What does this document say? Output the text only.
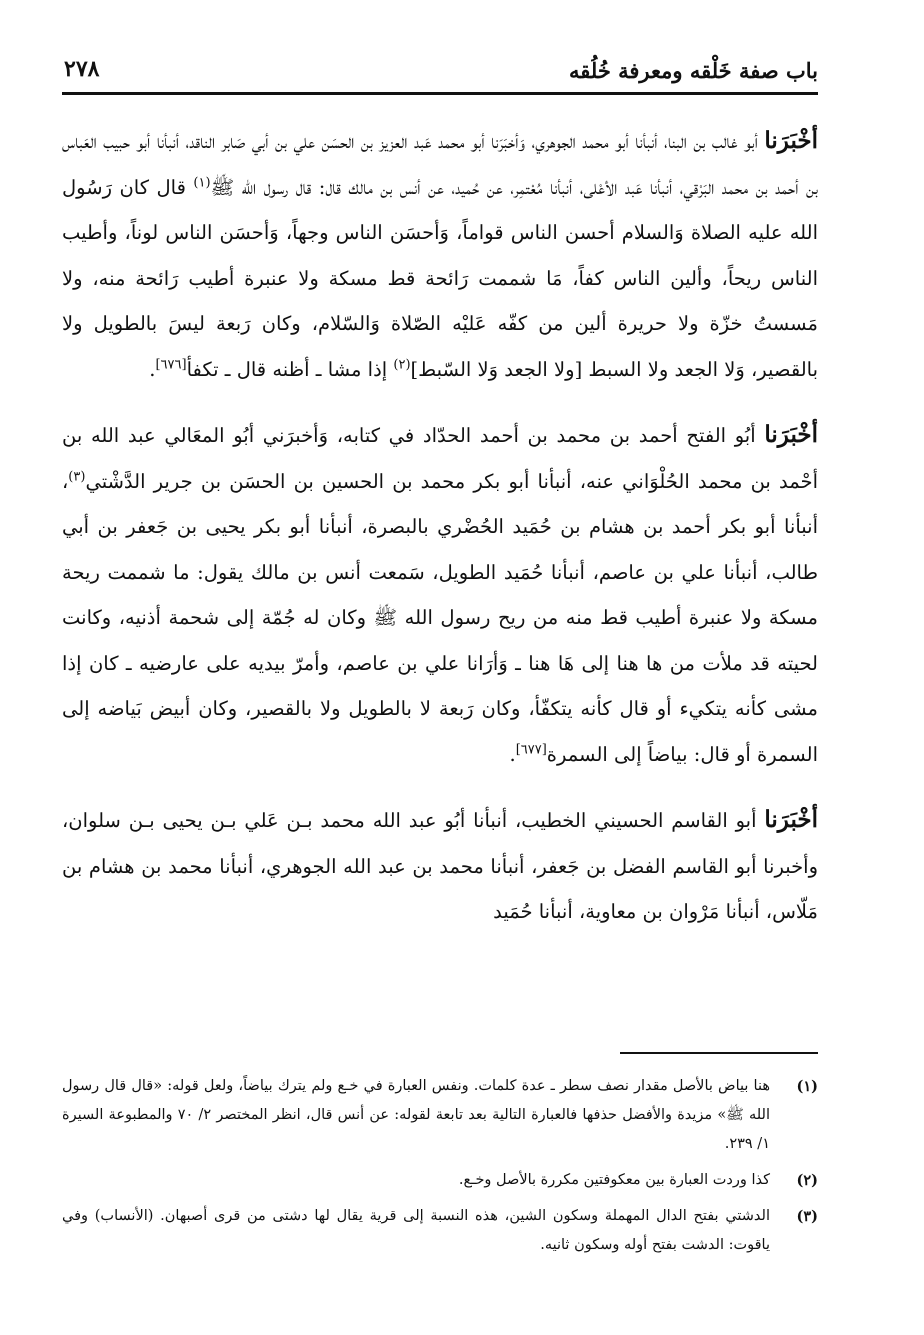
باب صفة خَلْقه ومعرفة خُلُقه
٢٧٨

أخْبَرَنا أبو غالب بن البنا، أنبأنا أبو محمد الجوهري، وَأخبَرَنا أبو محمد عَبد العزيز بن الحسَن علي بن أبي صَابر الناقد، أنبأنا أبو حبيب العَباس بن أحمد بن محمد البَرْقي، أنبأنا عَبد الأعْلى، أنبأنا مُعْتمِر، عن حُميد، عن أنس بن مالك قال: قال رسول الله ﷺ$^{(١)}$ قال كان رَسُول الله عليه الصلاة وَالسلام أحسن الناس قواماً، وَأحسَن الناس وجهاً، وَأحسَن الناس لوناً، وأطيب الناس ريحاً، وألين الناس كفاً، مَا شممت رَائحة قط مسكة ولا عنبرة أطيب رَائحة منه، ولا مَسستُ خزّة ولا حريرة ألين من كفّه عَليْه الصّلاة وَالسّلام، وكان رَبعة ليسَ بالطويل ولا بالقصير، وَلا الجعد ولا السبط [ولا الجعد وَلا السّبط]$^{(٢)}$ إذا مشا ـ أظنه قال ـ تكفأ[٦٧٦].

أخْبَرَنا أبُو الفتح أحمد بن محمد بن أحمد الحدّاد في كتابه، وَأخبرَني أبُو المعَالي عبد الله بن أحْمد بن محمد الحُلْوَاني عنه، أنبأنا أبو بكر محمد بن الحسين بن الحسَن بن جرير الدَّشْتي$^{(٣)}$، أنبأنا أبو بكر أحمد بن هشام بن حُمَيد الحُضْري بالبصرة، أنبأنا أبو بكر يحيى بن جَعفر بن أبي طالب، أنبأنا علي بن عاصم، أنبأنا حُمَيد الطويل، سَمعت أنس بن مالك يقول: ما شممت ريحة مسكة ولا عنبرة أطيب قط منه من ريح رسول الله ﷺ وكان له جُمّة إلى شحمة أذنيه، وكانت لحيته قد ملأت من ها هنا إلى هَا هنا ـ وَأرَانا علي بن عاصم، وأمرّ بيديه على عارضيه ـ كان إذا مشى كأنه يتكيء أو قال كأنه يتكفّأ، وكان رَبعة لا بالطويل ولا بالقصير، وكان أبيض بَياضه إلى السمرة أو قال: بياضاً إلى السمرة[٦٧٧].

أخْبَرَنا أبو القاسم الحسيني الخطيب، أنبأنا أبُو عبد الله محمد بـن عَلي بـن يحيى بـن سلوان، وأخبرنا أبو القاسم الفضل بن جَعفر، أنبأنا محمد بن عبد الله الجوهري، أنبأنا محمد بن هشام بن مَلّاس، أنبأنا مَرْوان بن معاوية، أنبأنا حُمَيد

(١)
هنا بياض بالأصل مقدار نصف سطر ـ عدة كلمات. ونفس العبارة في خـع ولم يترك بياضاً، ولعل قوله: «قال قال رسول الله ﷺ» مزيدة والأفضل حذفها فالعبارة التالية بعد تابعة لقوله: عن أنس قال، انظر المختصر ٢/ ٧٠ والمطبوعة السيرة ١/ ٢٣٩.
(٢)
كذا وردت العبارة بين معكوفتين مكررة بالأصل وخـع.
(٣)
الدشتي بفتح الدال المهملة وسكون الشين، هذه النسبة إلى قرية يقال لها دشتى من قرى أصبهان. (الأنساب) وفي ياقوت: الدشت بفتح أوله وسكون ثانيه.
